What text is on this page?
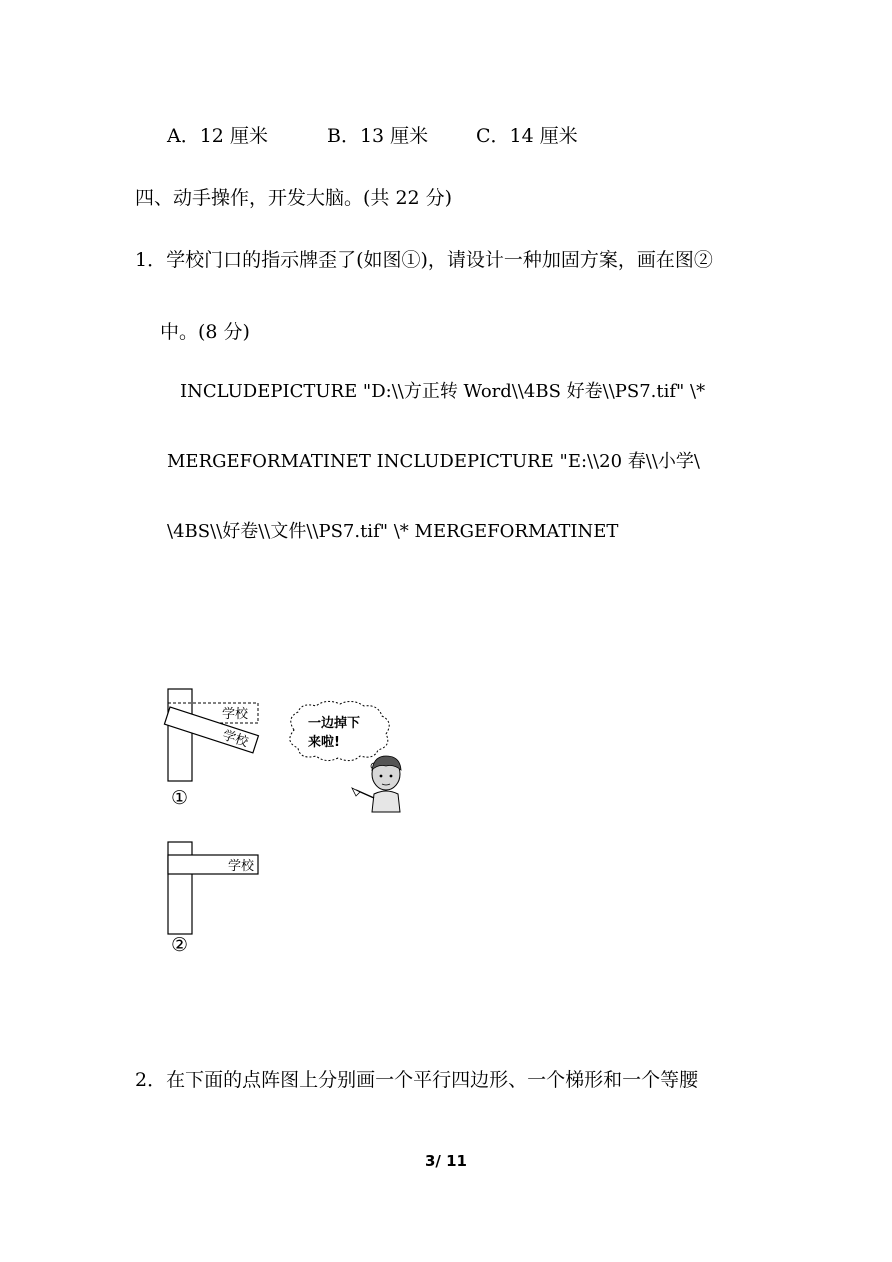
A．12 厘米	B．13 厘米	C．14 厘米
四、动手操作，开发大脑。(共 22 分)
1．学校门口的指示牌歪了(如图①)，请设计一种加固方案，画在图②
中。(8 分)
INCLUDEPICTURE "D:\\方正转 Word\\4BS 好卷\\PS7.tif" \*
MERGEFORMATINET INCLUDEPICTURE "E:\\20 春\\小学\
\4BS\\好卷\\文件\\PS7.tif" \* MERGEFORMATINET
学校
学校
①
一边掉下
来啦!
学校
②
2．在下面的点阵图上分别画一个平行四边形、一个梯形和一个等腰
3/ 11
